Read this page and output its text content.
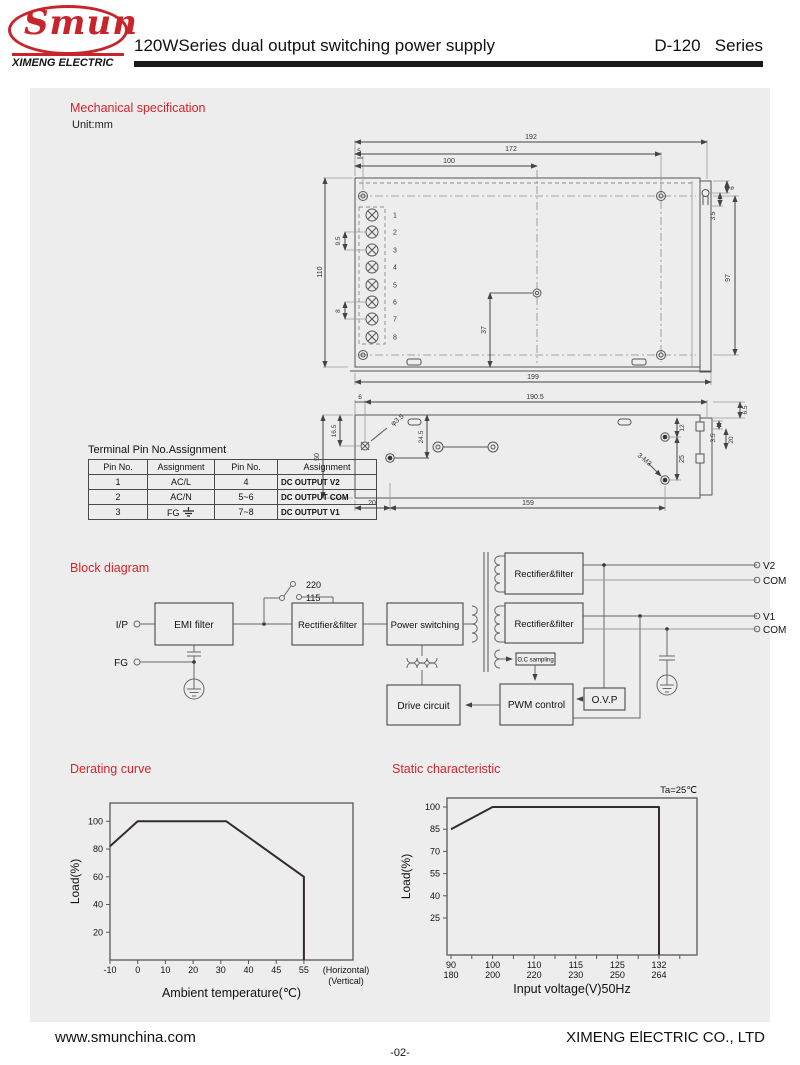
Smun
XIMENG ELECTRIC
120WSeries dual output switching power supply	D-120   Series
Mechanical specification
Unit:mm
1
2
3
4
5
6
7
8
192
172
100
5
110
9.5
8
37
97
6
3.5
199
φ3.5
3-M3
6	190.5
6.5
16.5
50
24.5
12
25
3.5 20
20	159
Terminal Pin No.Assignment
Pin No.	Assignment	Pin No.	Assignment
1	AC/L	4	DC OUTPUT V2
2	AC/N	5~6	DC OUTPUT COM
3	FG	7~8	DC OUTPUT V1
Block diagram
I/P
FG
EMI filter
220
115
Rectifier&filter	Power switching
Rectifier&filter
Rectifier&filter
O.C sampling
Drive circuit	PWM control	O.V.P
V2
COM
V1
COM
Derating curve	Static characteristic
20
40
60
80
100
-10 0 10 20 30 40 45 55
Ambient temperature(℃)
Load(%)
(Horizontal)
(Vertical)
25
40
55
70
85
100
90
180
100
200
110
220
115
230
125
250
132
264
Input voltage(V)50Hz
Load(%)
Ta=25℃
www.smunchina.com	XIMENG ElECTRIC CO., LTD
-02-
